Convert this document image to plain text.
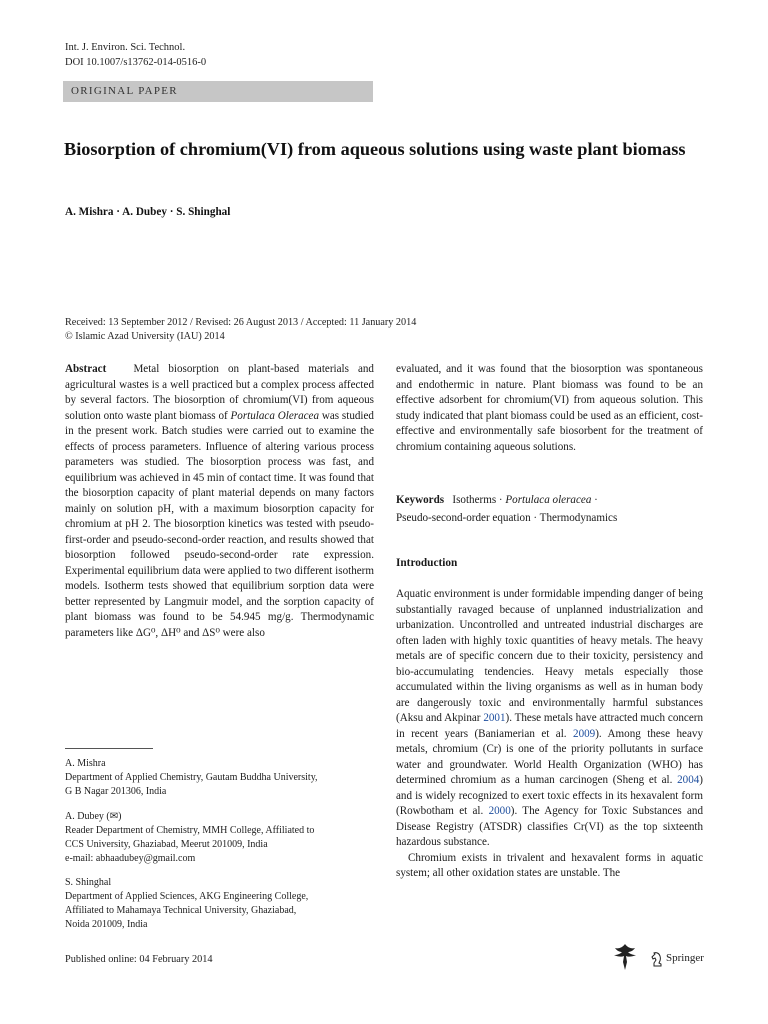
Int. J. Environ. Sci. Technol.
DOI 10.1007/s13762-014-0516-0
ORIGINAL PAPER
Biosorption of chromium(VI) from aqueous solutions using waste plant biomass
A. Mishra · A. Dubey · S. Shinghal
Received: 13 September 2012 / Revised: 26 August 2013 / Accepted: 11 January 2014
© Islamic Azad University (IAU) 2014

Abstract Metal biosorption on plant-based materials and agricultural wastes is a well practiced but a complex process affected by several factors. The biosorption of chromium(VI) from aqueous solution onto waste plant biomass of Portulaca Oleracea was studied in the present work. Batch studies were carried out to examine the effects of process parameters. Influence of altering various process parameters was studied. The biosorption process was fast, and equilibrium was achieved in 45 min of contact time. It was found that the biosorption capacity of plant material depends on many factors mainly on solution pH, with a maximum biosorption capacity for chromium at pH 2. The biosorption kinetics was tested with pseudo-first-order and pseudo-second-order reaction, and results showed that biosorption followed pseudo-second-order rate expression. Experimental equilibrium data were applied to two different isotherm models. Isotherm tests showed that equilibrium sorption data were better represented by Langmuir model, and the sorption capacity of plant biomass was found to be 54.945 mg/g. Thermodynamic parameters like ΔG⁰, ΔH⁰ and ΔS⁰ were also

evaluated, and it was found that the biosorption was spontaneous and endothermic in nature. Plant biomass was found to be an effective adsorbent for chromium(VI) from aqueous solution. This study indicated that plant biomass could be used as an efficient, cost-effective and environmentally safe biosorbent for the treatment of chromium containing aqueous solutions.

Keywords Isotherms · Portulaca oleracea ·
Pseudo-second-order equation · Thermodynamics
Introduction

Aquatic environment is under formidable impending danger of being substantially ravaged because of unplanned industrialization and urbanization. Uncontrolled and untreated industrial discharges are often laden with highly toxic quantities of heavy metals. The heavy metals are of specific concern due to their toxicity, persistency and bio-accumulating tendencies. Heavy metals especially those accumulated within the living organisms as well as in human body are dangerously toxic and environmentally harmful substances (Aksu and Akpinar 2001). These metals have attracted much concern in recent years (Baniamerian et al. 2009). Among these heavy metals, chromium (Cr) is one of the priority pollutants in surface water and groundwater. World Health Organization (WHO) has determined chromium as a human carcinogen (Sheng et al. 2004) and is widely recognized to exert toxic effects in its hexavalent form (Rowbotham et al. 2000). The Agency for Toxic Substances and Disease Registry (ATSDR) classifies Cr(VI) as the top sixteenth hazardous substance.

Chromium exists in trivalent and hexavalent forms in aquatic system; all other oxidation states are unstable. The

A. Mishra
Department of Applied Chemistry, Gautam Buddha University,
G B Nagar 201306, India
A. Dubey (✉)
Reader Department of Chemistry, MMH College, Affiliated to
CCS University, Ghaziabad, Meerut 201009, India
e-mail: abhaadubey@gmail.com
S. Shinghal
Department of Applied Sciences, AKG Engineering College,
Affiliated to Mahamaya Technical University, Ghaziabad,
Noida 201009, India
Published online: 04 February 2014	Springer
